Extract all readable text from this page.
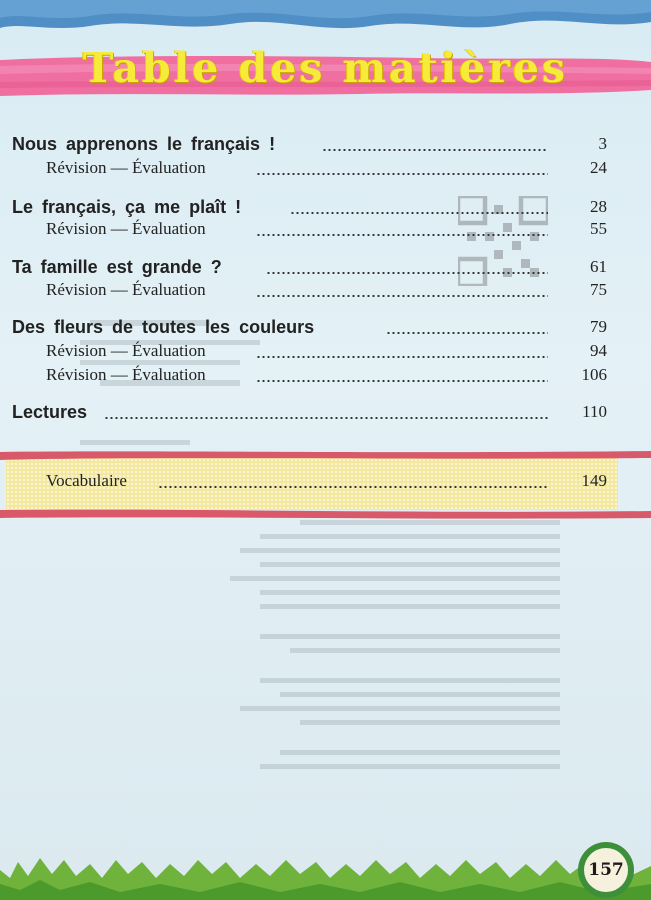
Table des matières
Nous apprenons le français !	3
Révision — Évaluation	24
Le français, ça me plaît !	28
Révision — Évaluation	55
Ta famille est grande ?	61
Révision — Évaluation	75
Des fleurs de toutes les couleurs	79
Révision — Évaluation	94
Révision — Évaluation	106
Lectures	110
Vocabulaire	149
157
